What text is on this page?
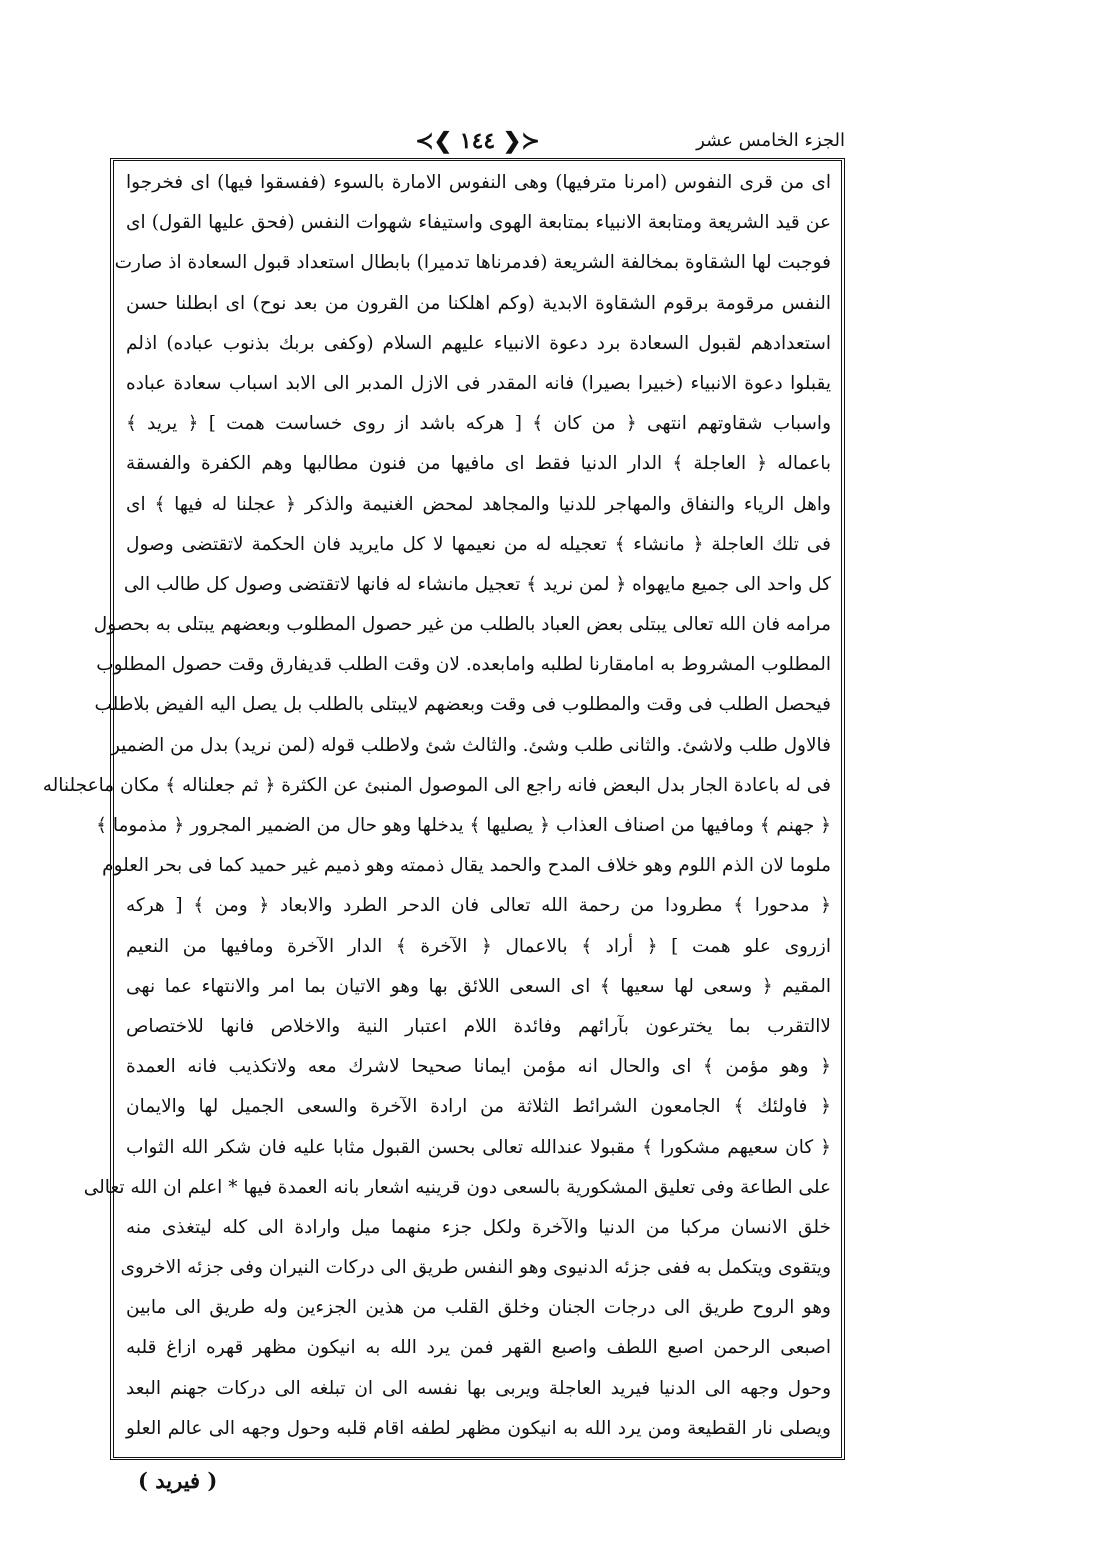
الجزء الخامس عشر
≺❮ ١٤٤ ❯≻
اى من قرى النفوس (امرنا مترفيها) وهى النفوس الامارة بالسوء (ففسقوا فيها) اى فخرجوا
عن قيد الشريعة ومتابعة الانبياء بمتابعة الهوى واستيفاء شهوات النفس (فحق عليها القول) اى
فوجبت لها الشقاوة بمخالفة الشريعة (فدمرناها تدميرا) بابطال استعداد قبول السعادة اذ صارت
النفس مرقومة برقوم الشقاوة الابدية (وكم اهلكنا من القرون من بعد نوح) اى ابطلنا حسن
استعدادهم لقبول السعادة برد دعوة الانبياء عليهم السلام (وكفى بربك بذنوب عباده) اذلم
يقبلوا دعوة الانبياء (خبيرا بصيرا) فانه المقدر فى الازل المدبر الى الابد اسباب سعادة عباده
واسباب شقاوتهم انتهى ﴿ من كان ﴾ [ هركه باشد از روى خساست همت ] ﴿ يريد ﴾
باعماله ﴿ العاجلة ﴾ الدار الدنيا فقط اى مافيها من فنون مطالبها وهم الكفرة والفسقة
واهل الرياء والنفاق والمهاجر للدنيا والمجاهد لمحض الغنيمة والذكر ﴿ عجلنا له فيها ﴾ اى
فى تلك العاجلة ﴿ مانشاء ﴾ تعجيله له من نعيمها لا كل مايريد فان الحكمة لاتقتضى وصول
كل واحد الى جميع مايهواه ﴿ لمن نريد ﴾ تعجيل مانشاء له فانها لاتقتضى وصول كل طالب الى
مرامه فان الله تعالى يبتلى بعض العباد بالطلب من غير حصول المطلوب وبعضهم يبتلى به بحصول
المطلوب المشروط به امامقارنا لطلبه وامابعده. لان وقت الطلب قديفارق وقت حصول المطلوب
فيحصل الطلب فى وقت والمطلوب فى وقت وبعضهم لايبتلى بالطلب بل يصل اليه الفيض بلاطلب
فالاول طلب ولاشئ. والثانى طلب وشئ. والثالث شئ ولاطلب قوله (لمن نريد) بدل من الضمير
فى له باعادة الجار بدل البعض فانه راجع الى الموصول المنبئ عن الكثرة ﴿ ثم جعلناله ﴾ مكان ماعجلناله
﴿ جهنم ﴾ ومافيها من اصناف العذاب ﴿ يصليها ﴾ يدخلها وهو حال من الضمير المجرور ﴿ مذموما ﴾
ملوما لان الذم اللوم وهو خلاف المدح والحمد يقال ذممته وهو ذميم غير حميد كما فى بحر العلوم
﴿ مدحورا ﴾ مطرودا من رحمة الله تعالى فان الدحر الطرد والابعاد ﴿ ومن ﴾ [ هركه
ازروى علو همت ] ﴿ أراد ﴾ بالاعمال ﴿ الآخرة ﴾ الدار الآخرة ومافيها من النعيم
المقيم ﴿ وسعى لها سعيها ﴾ اى السعى اللائق بها وهو الاتيان بما امر والانتهاء عما نهى
لاالتقرب بما يخترعون بآرائهم وفائدة اللام اعتبار النية والاخلاص فانها للاختصاص
﴿ وهو مؤمن ﴾ اى والحال انه مؤمن ايمانا صحيحا لاشرك معه ولاتكذيب فانه العمدة
﴿ فاولئك ﴾ الجامعون الشرائط الثلاثة من ارادة الآخرة والسعى الجميل لها والايمان
﴿ كان سعيهم مشكورا ﴾ مقبولا عندالله تعالى بحسن القبول مثابا عليه فان شكر الله الثواب
على الطاعة وفى تعليق المشكورية بالسعى دون قرينيه اشعار بانه العمدة فيها * اعلم ان الله تعالى
خلق الانسان مركبا من الدنيا والآخرة ولكل جزء منهما ميل وارادة الى كله ليتغذى منه
ويتقوى ويتكمل به ففى جزئه الدنيوى وهو النفس طريق الى دركات النيران وفى جزئه الاخروى
وهو الروح طريق الى درجات الجنان وخلق القلب من هذين الجزءين وله طريق الى مابين
اصبعى الرحمن اصبع اللطف واصبع القهر فمن يرد الله به انيكون مظهر قهره ازاغ قلبه
وحول وجهه الى الدنيا فيريد العاجلة ويربى بها نفسه الى ان تبلغه الى دركات جهنم البعد
ويصلى نار القطيعة ومن يرد الله به انيكون مظهر لطفه اقام قلبه وحول وجهه الى عالم العلو
( فيريد )
